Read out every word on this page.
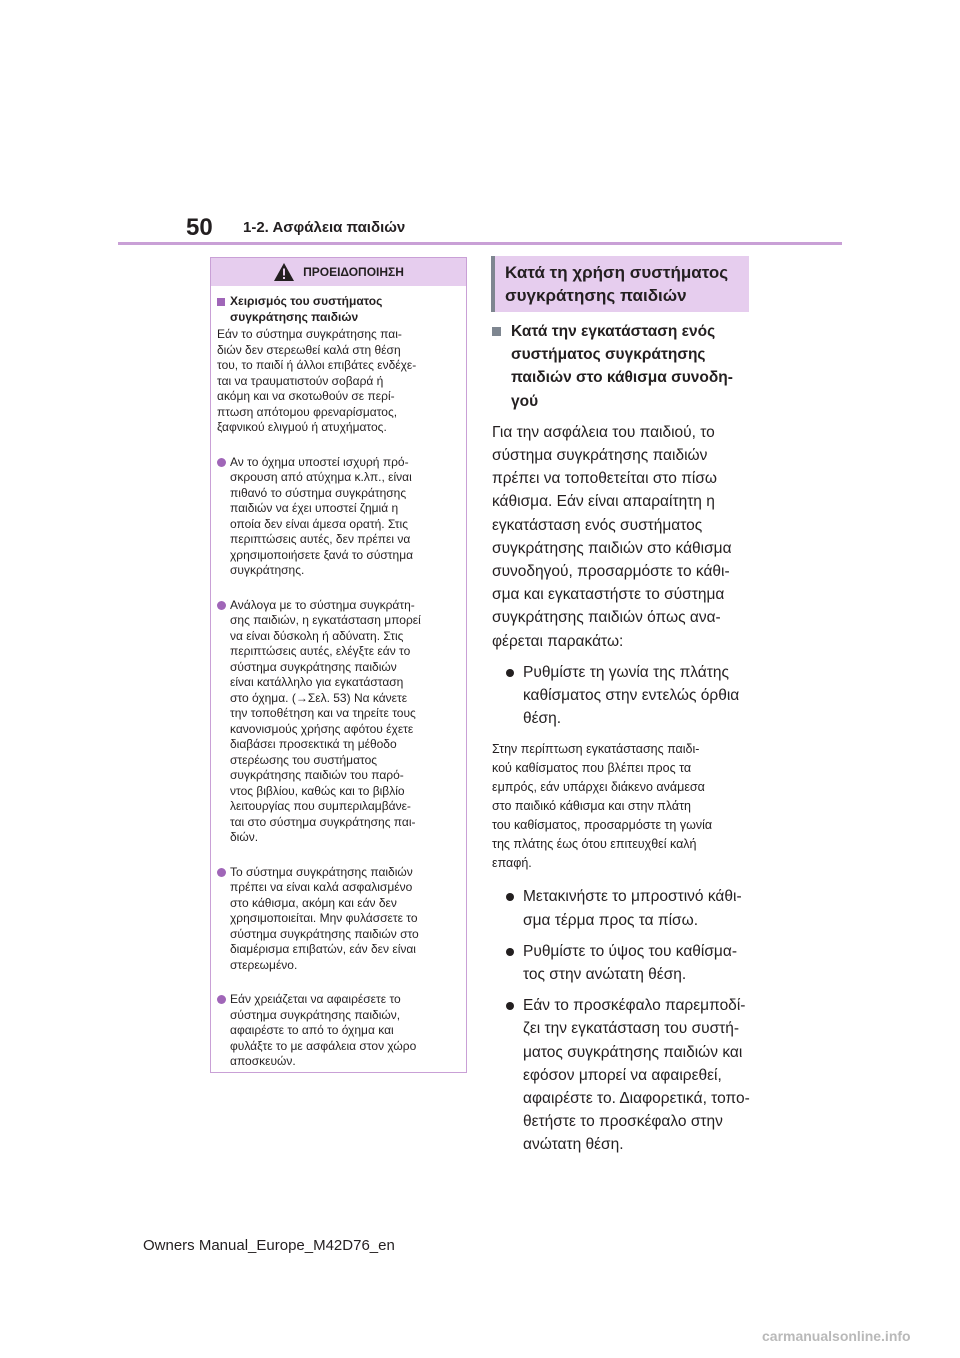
50 1-2. Ασφάλεια παιδιών
ΠΡΟΕΙΔΟΠΟΙΗΣΗ
Χειρισμός του συστήματος συγκράτησης παιδιών
Εάν το σύστημα συγκράτησης παι-
διών δεν στερεωθεί καλά στη θέση
του, το παιδί ή άλλοι επιβάτες ενδέχε-
ται να τραυματιστούν σοβαρά ή
ακόμη και να σκοτωθούν σε περί-
πτωση απότομου φρεναρίσματος,
ξαφνικού ελιγμού ή ατυχήματος.
Αν το όχημα υποστεί ισχυρή πρό-
σκρουση από ατύχημα κ.λπ., είναι
πιθανό το σύστημα συγκράτησης
παιδιών να έχει υποστεί ζημιά η
οποία δεν είναι άμεσα ορατή. Στις
περιπτώσεις αυτές, δεν πρέπει να
χρησιμοποιήσετε ξανά το σύστημα
συγκράτησης.
Ανάλογα με το σύστημα συγκράτη-
σης παιδιών, η εγκατάσταση μπορεί
να είναι δύσκολη ή αδύνατη. Στις
περιπτώσεις αυτές, ελέγξτε εάν το
σύστημα συγκράτησης παιδιών
είναι κατάλληλο για εγκατάσταση
στο όχημα. (→Σελ. 53) Να κάνετε
την τοποθέτηση και να τηρείτε τους
κανονισμούς χρήσης αφότου έχετε
διαβάσει προσεκτικά τη μέθοδο
στερέωσης του συστήματος
συγκράτησης παιδιών του παρό-
ντος βιβλίου, καθώς και το βιβλίο
λειτουργίας που συμπεριλαμβάνε-
ται στο σύστημα συγκράτησης παι-
διών.
Το σύστημα συγκράτησης παιδιών
πρέπει να είναι καλά ασφαλισμένο
στο κάθισμα, ακόμη και εάν δεν
χρησιμοποιείται. Μην φυλάσσετε το
σύστημα συγκράτησης παιδιών στο
διαμέρισμα επιβατών, εάν δεν είναι
στερεωμένο.
Εάν χρειάζεται να αφαιρέσετε το
σύστημα συγκράτησης παιδιών,
αφαιρέστε το από το όχημα και
φυλάξτε το με ασφάλεια στον χώρο
αποσκευών.
Κατά τη χρήση συστήματος
συγκράτησης παιδιών
Κατά την εγκατάσταση ενός
συστήματος συγκράτησης
παιδιών στο κάθισμα συνοδη-
γού
Για την ασφάλεια του παιδιού, το
σύστημα συγκράτησης παιδιών
πρέπει να τοποθετείται στο πίσω
κάθισμα. Εάν είναι απαραίτητη η
εγκατάσταση ενός συστήματος
συγκράτησης παιδιών στο κάθισμα
συνοδηγού, προσαρμόστε το κάθι-
σμα και εγκαταστήστε το σύστημα
συγκράτησης παιδιών όπως ανα-
φέρεται παρακάτω:
Ρυθμίστε τη γωνία της πλάτης
καθίσματος στην εντελώς όρθια
θέση.
Στην περίπτωση εγκατάστασης παιδι-
κού καθίσματος που βλέπει προς τα
εμπρός, εάν υπάρχει διάκενο ανάμεσα
στο παιδικό κάθισμα και στην πλάτη
του καθίσματος, προσαρμόστε τη γωνία
της πλάτης έως ότου επιτευχθεί καλή
επαφή.
Μετακινήστε το μπροστινό κάθι-
σμα τέρμα προς τα πίσω.
Ρυθμίστε το ύψος του καθίσμα-
τος στην ανώτατη θέση.
Εάν το προσκέφαλο παρεμποδί-
ζει την εγκατάσταση του συστή-
ματος συγκράτησης παιδιών και
εφόσον μπορεί να αφαιρεθεί,
αφαιρέστε το. Διαφορετικά, τοπο-
θετήστε το προσκέφαλο στην
ανώτατη θέση.
Owners Manual_Europe_M42D76_en
carmanualsonline.info
